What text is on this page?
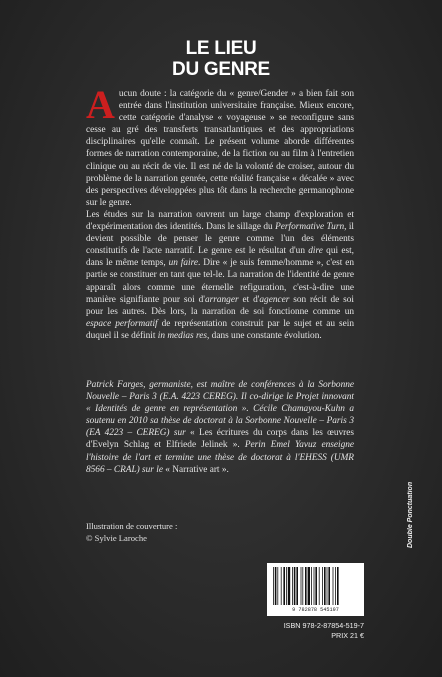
LE LIEU
DU GENRE

Aucun doute : la catégorie du « genre/Gender » a bien fait son entrée dans l'institution universitaire française. Mieux encore, cette catégorie d'analyse « voyageuse » se reconfigure sans cesse au gré des transferts transatlantiques et des appropriations disciplinaires qu'elle connaît. Le présent volume aborde différentes formes de narration contemporaine, de la fiction ou au film à l'entretien clinique ou au récit de vie. Il est né de la volonté de croiser, autour du problème de la narration genrée, cette réalité française « décalée » avec des perspectives développées plus tôt dans la recherche germanophone sur le genre.

Les études sur la narration ouvrent un large champ d'exploration et d'expérimentation des identités. Dans le sillage du Performative Turn, il devient possible de penser le genre comme l'un des éléments constitutifs de l'acte narratif. Le genre est le résultat d'un dire qui est, dans le même temps, un faire. Dire « je suis femme/homme », c'est en partie se constituer en tant que tel-le. La narration de l'identité de genre apparaît alors comme une éternelle refiguration, c'est-à-dire une manière signifiante pour soi d'arranger et d'agencer son récit de soi pour les autres. Dès lors, la narration de soi fonctionne comme un espace performatif de représentation construit par le sujet et au sein duquel il se définit in medias res, dans une constante évolution.

Patrick Farges, germaniste, est maître de conférences à la Sorbonne Nouvelle – Paris 3 (E.A. 4223 CEREG). Il co-dirige le Projet innovant « Identités de genre en représentation ». Cécile Chamayou-Kuhn a soutenu en 2010 sa thèse de doctorat à la Sorbonne Nouvelle – Paris 3 (EA 4223 – CEREG) sur « Les écritures du corps dans les œuvres d'Evelyn Schlag et Elfriede Jelinek ». Perin Emel Yavuz enseigne l'histoire de l'art et termine une thèse de doctorat à l'EHESS (UMR 8566 – CRAL) sur le « Narrative art ».
Illustration de couverture :
© Sylvie Laroche	Double Ponctuation
9 782878 545197
ISBN 978-2-87854-519-7
PRIX 21 €
